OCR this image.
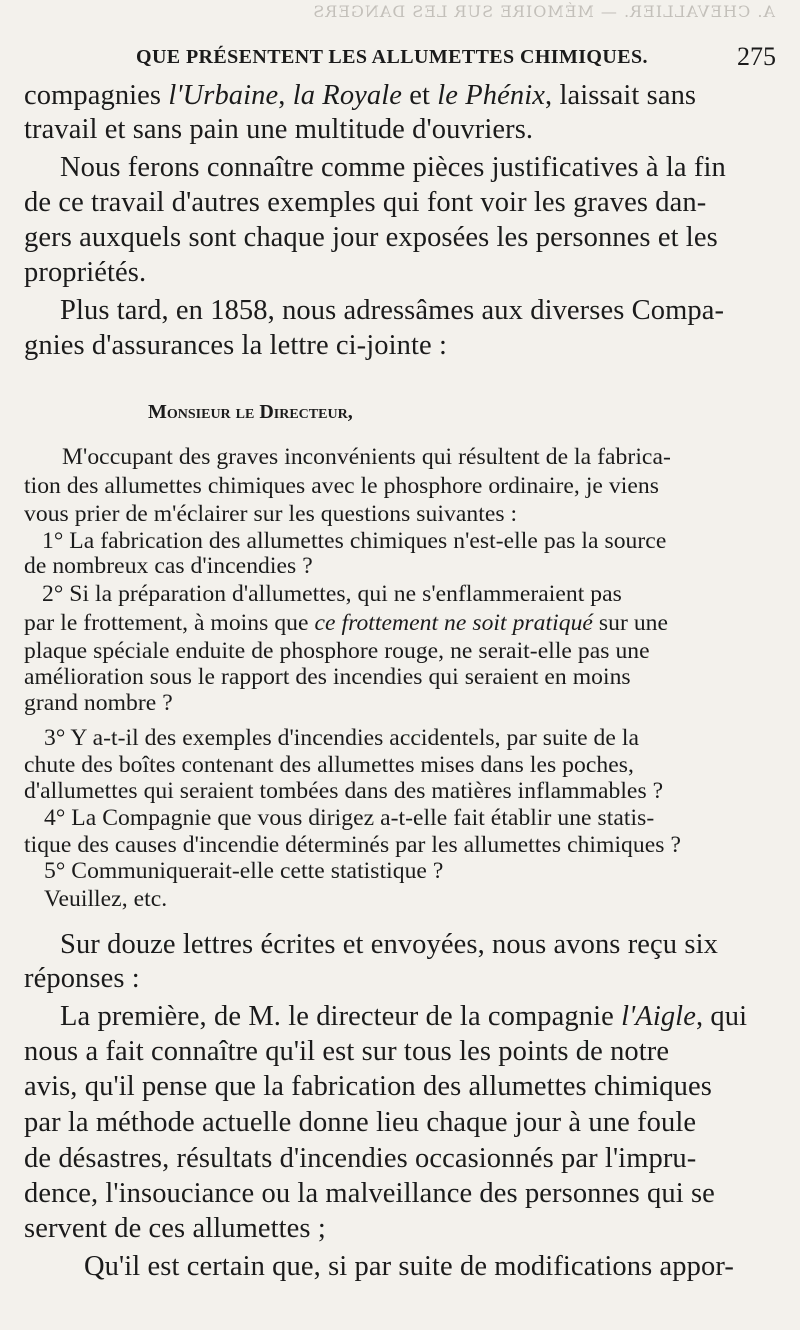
A. CHEVALLIER. — MÉMOIRE SUR LES DANGERS
QUE PRÉSENTENT LES ALLUMETTES CHIMIQUES.	275
compagnies l'Urbaine, la Royale et le Phénix, laissait sans
travail et sans pain une multitude d'ouvriers.
Nous ferons connaître comme pièces justificatives à la fin
de ce travail d'autres exemples qui font voir les graves dan-
gers auxquels sont chaque jour exposées les personnes et les
propriétés.
Plus tard, en 1858, nous adressâmes aux diverses Compa-
gnies d'assurances la lettre ci-jointe :
Monsieur le Directeur,
M'occupant des graves inconvénients qui résultent de la fabrica-
tion des allumettes chimiques avec le phosphore ordinaire, je viens
vous prier de m'éclairer sur les questions suivantes :
1° La fabrication des allumettes chimiques n'est-elle pas la source
de nombreux cas d'incendies ?
2° Si la préparation d'allumettes, qui ne s'enflammeraient pas
par le frottement, à moins que ce frottement ne soit pratiqué sur une
plaque spéciale enduite de phosphore rouge, ne serait-elle pas une
amélioration sous le rapport des incendies qui seraient en moins
grand nombre ?
3° Y a-t-il des exemples d'incendies accidentels, par suite de la
chute des boîtes contenant des allumettes mises dans les poches,
d'allumettes qui seraient tombées dans des matières inflammables ?
4° La Compagnie que vous dirigez a-t-elle fait établir une statis-
tique des causes d'incendie déterminés par les allumettes chimiques ?
5° Communiquerait-elle cette statistique ?
Veuillez, etc.
Sur douze lettres écrites et envoyées, nous avons reçu six
réponses :
La première, de M. le directeur de la compagnie l'Aigle, qui
nous a fait connaître qu'il est sur tous les points de notre
avis, qu'il pense que la fabrication des allumettes chimiques
par la méthode actuelle donne lieu chaque jour à une foule
de désastres, résultats d'incendies occasionnés par l'impru-
dence, l'insouciance ou la malveillance des personnes qui se
servent de ces allumettes ;
Qu'il est certain que, si par suite de modifications appor-
